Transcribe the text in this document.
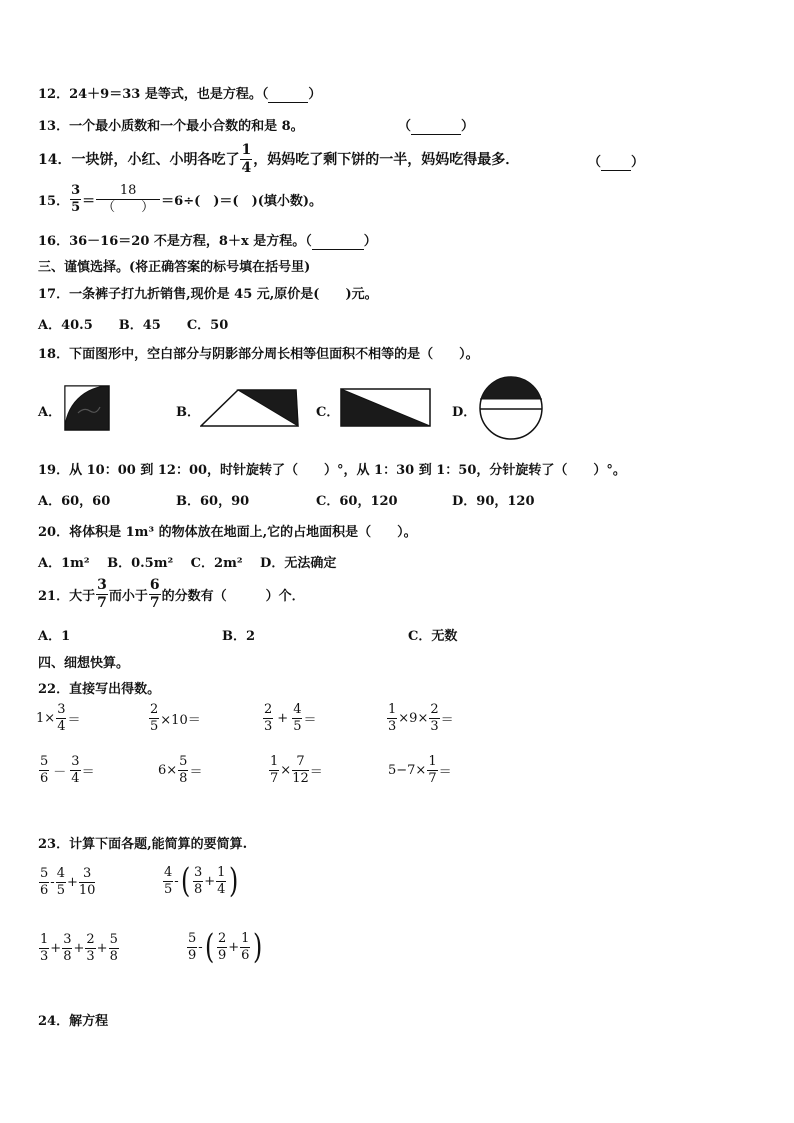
12．24＋9＝33 是等式，也是方程。（	）
13．一个最小质数和一个最小合数的和是 8。	（	）
14． 一块饼，小红、小明各吃了 $\frac{1}{4}$ ，妈妈吃了剩下饼的一半，妈妈吃得最多．	（ ）
15． $\frac{3}{5} = \frac{18}{( )} =6\div$(　)＝(　)(填小数)。
16．36－16＝20 不是方程，8＋x 是方程。（	）
三、谨慎选择。(将正确答案的标号填在括号里)
17．一条裤子打九折销售,现价是 45 元,原价是(　　)元。
A．40.5　　B．45　　C．50
18．下面图形中，空白部分与阴影部分周长相等但面积不相等的是（　　）。
A．	B．	C．	D．
19．从 10：00 到 12：00，时针旋转了（　　）°，从 1：30 到 1：50，分针旋转了（　　）°。
A．60，60	B．60，90	C．60，120	D．90，120
20．将体积是 1m³ 的物体放在地面上,它的占地面积是（　　）。
A．1m²　 B．0.5m²　 C．2m²　 D．无法确定
21． 大于 $\frac{3}{7}$ 而小于 $\frac{6}{7}$ 的分数有（　　　）个．
A．1	B．2	C．无数
四、细想快算。
22．直接写出得数。
$1 \times \frac{3}{4}$ ＝	$\frac{2}{5} \times 10=$	$\frac{2}{3} + \frac{4}{5}$ ＝	$\frac{1}{3} \times 9 \times \frac{2}{3}$ ＝
$\frac{5}{6} - \frac{3}{4}$ ＝	$6\times \frac{5}{8}$ ＝	$\frac{1}{7} \times \frac{7}{12}$ ＝	$5-7\times \frac{1}{7}$ ＝
23．计算下面各题,能简算的要简算.
$\frac{5}{6} - \frac{4}{5} + \frac{3}{10}$	$\frac{4}{5}$ - ( $\frac{3}{8} + \frac{1}{4}$ )
$\frac{1}{3} + \frac{3}{8} + \frac{2}{3} + \frac{5}{8}$	$\frac{5}{9}$ - ( $\frac{2}{9} + \frac{1}{6}$ )
24．解方程
